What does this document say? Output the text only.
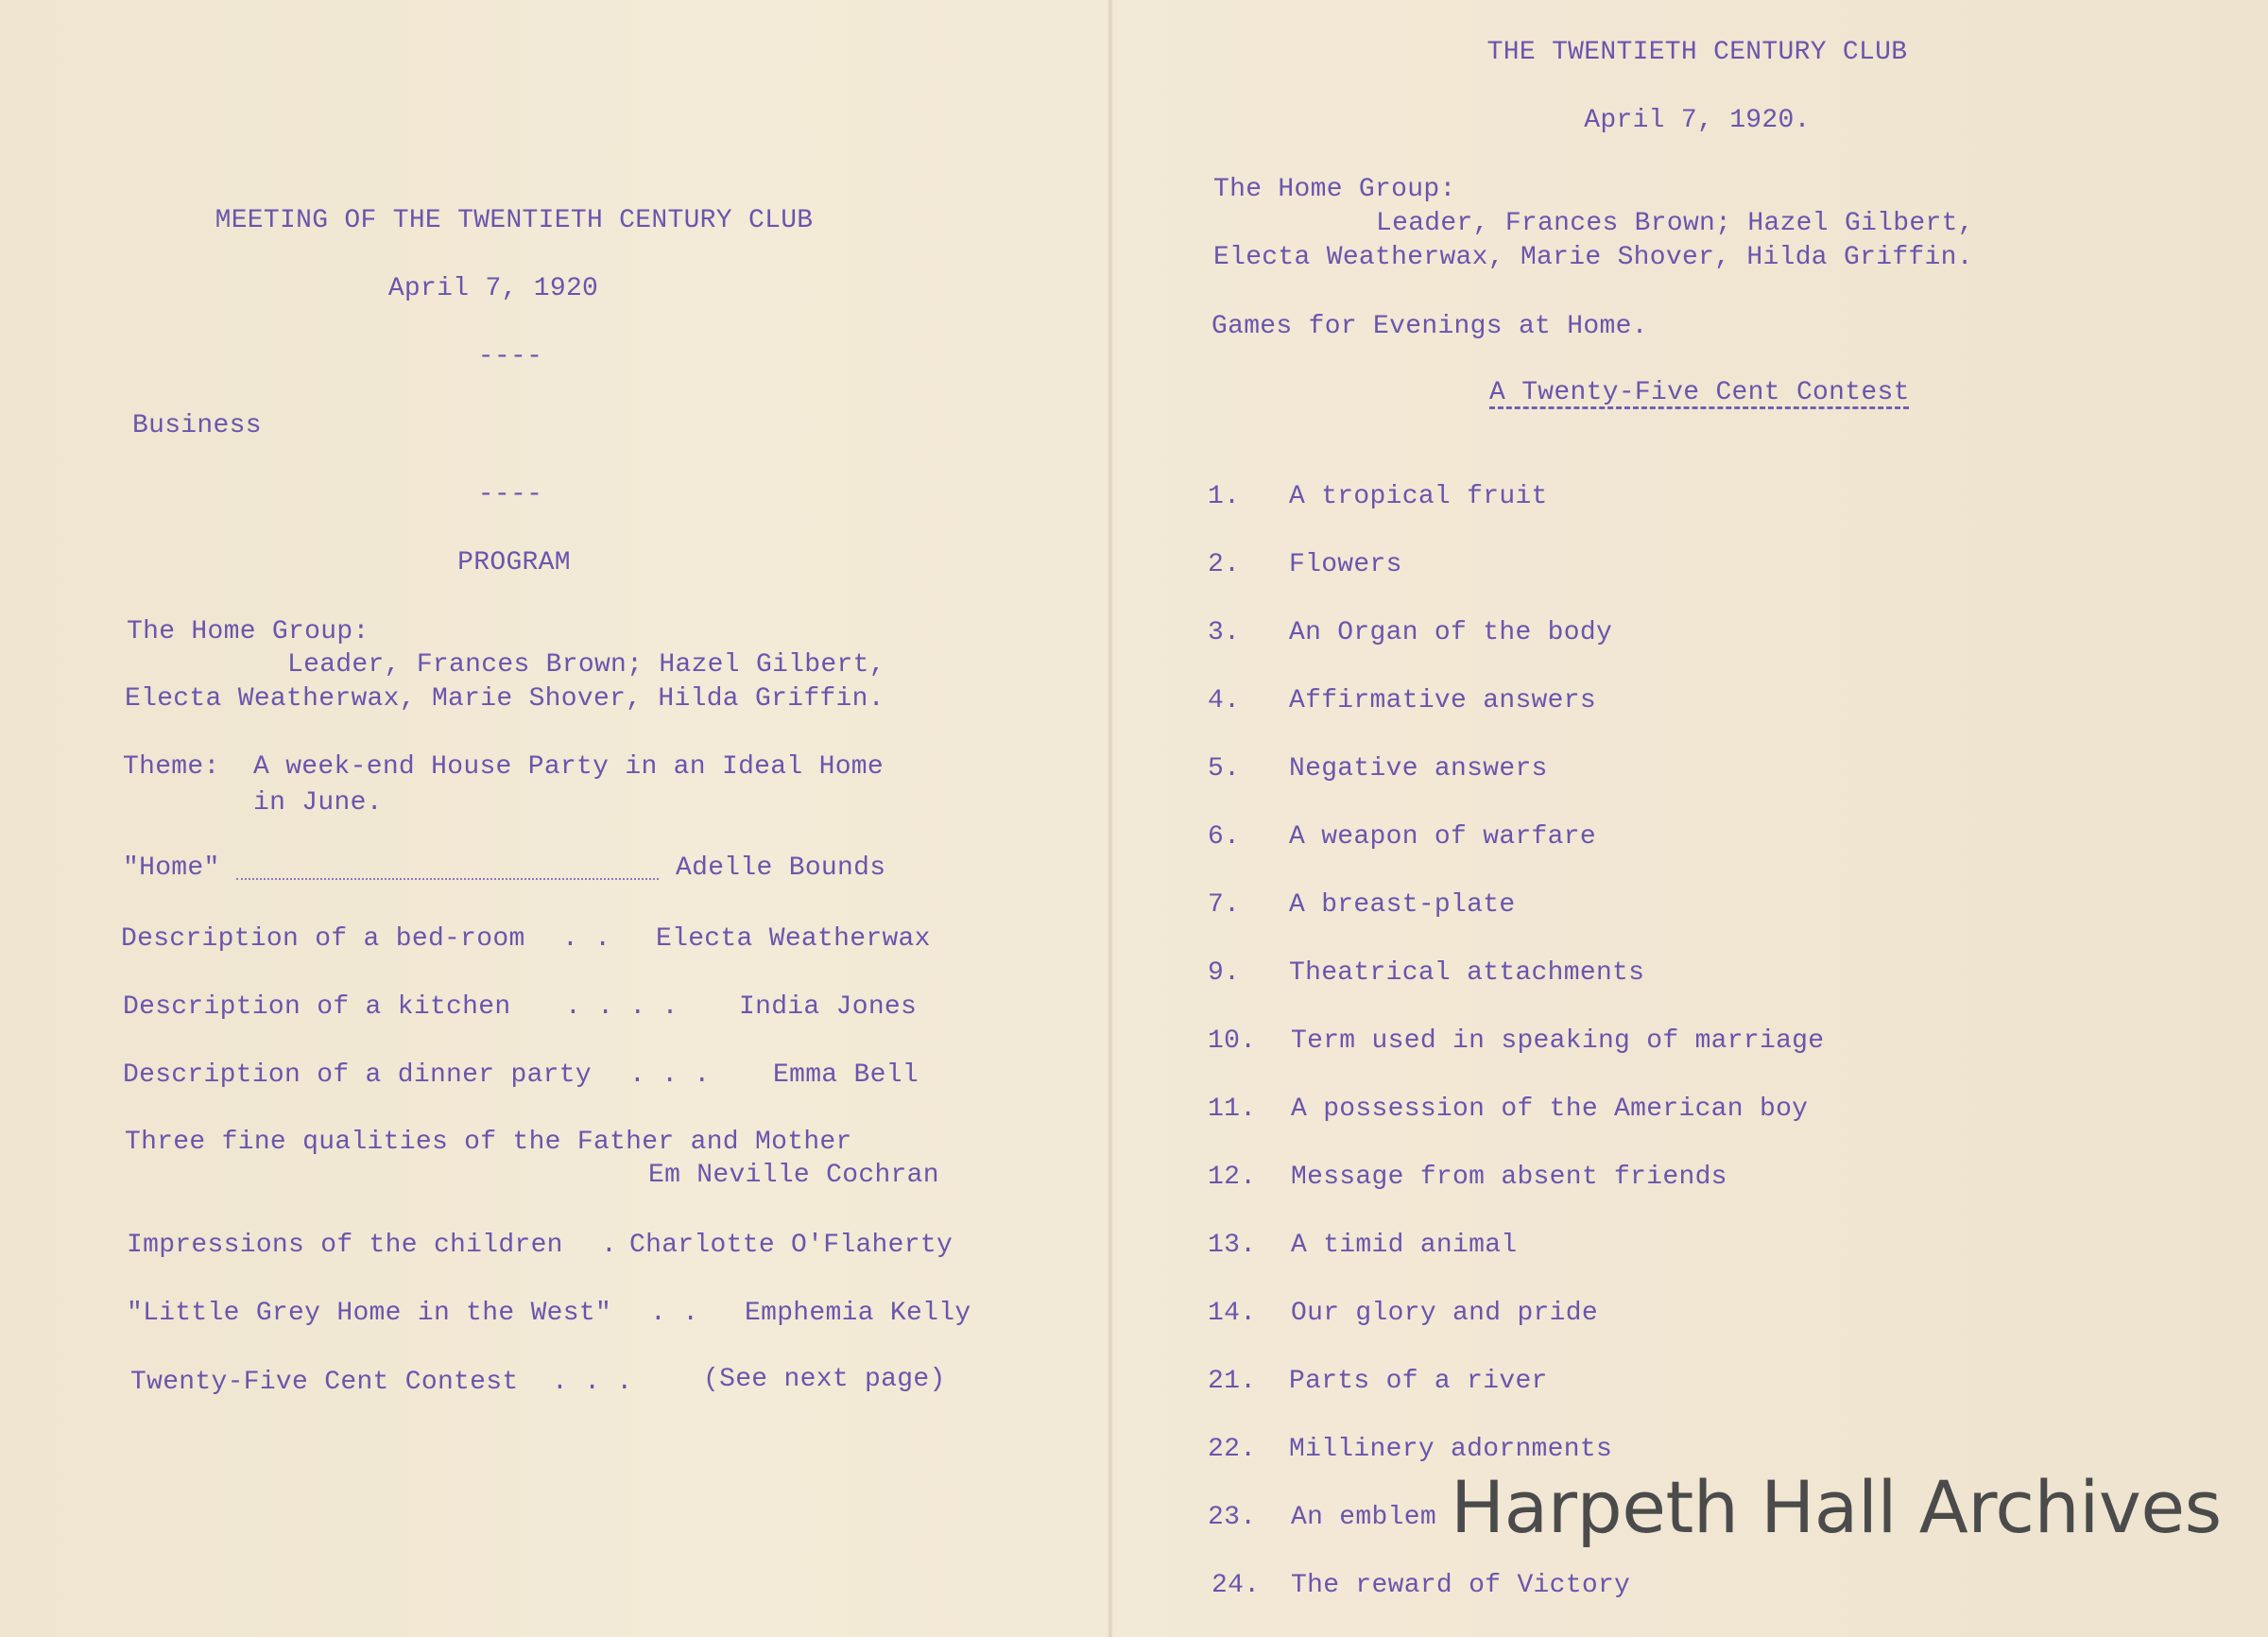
MEETING OF THE TWENTIETH CENTURY CLUB
April 7, 1920
----
Business
----
PROGRAM
The Home Group:
Leader, Frances Brown; Hazel Gilbert,
Electa Weatherwax, Marie Shover, Hilda Griffin.
Theme: A week-end House Party in an Ideal Home
in June.
"Home"	Adelle Bounds
Description of a bed-room . . Electa Weatherwax
Description of a kitchen . . . . India Jones
Description of a dinner party . . . Emma Bell
Three fine qualities of the Father and Mother
Em Neville Cochran
Impressions of the children . Charlotte O'Flaherty
"Little Grey Home in the West" . . Emphemia Kelly
Twenty-Five Cent Contest . . .	(See next page)
THE TWENTIETH CENTURY CLUB
April 7, 1920.
The Home Group:
Leader, Frances Brown; Hazel Gilbert,
Electa Weatherwax, Marie Shover, Hilda Griffin.
Games for Evenings at Home.
A Twenty-Five Cent Contest
1. A tropical fruit
2. Flowers
3. An Organ of the body
4. Affirmative answers
5. Negative answers
6. A weapon of warfare
7. A breast-plate
9. Theatrical attachments
10. Term used in speaking of marriage
11. A possession of the American boy
12. Message from absent friends
13. A timid animal
14. Our glory and pride
21. Parts of a river
22. Millinery adornments
23. An emblem
24. The reward of Victory
Harpeth Hall Archives
